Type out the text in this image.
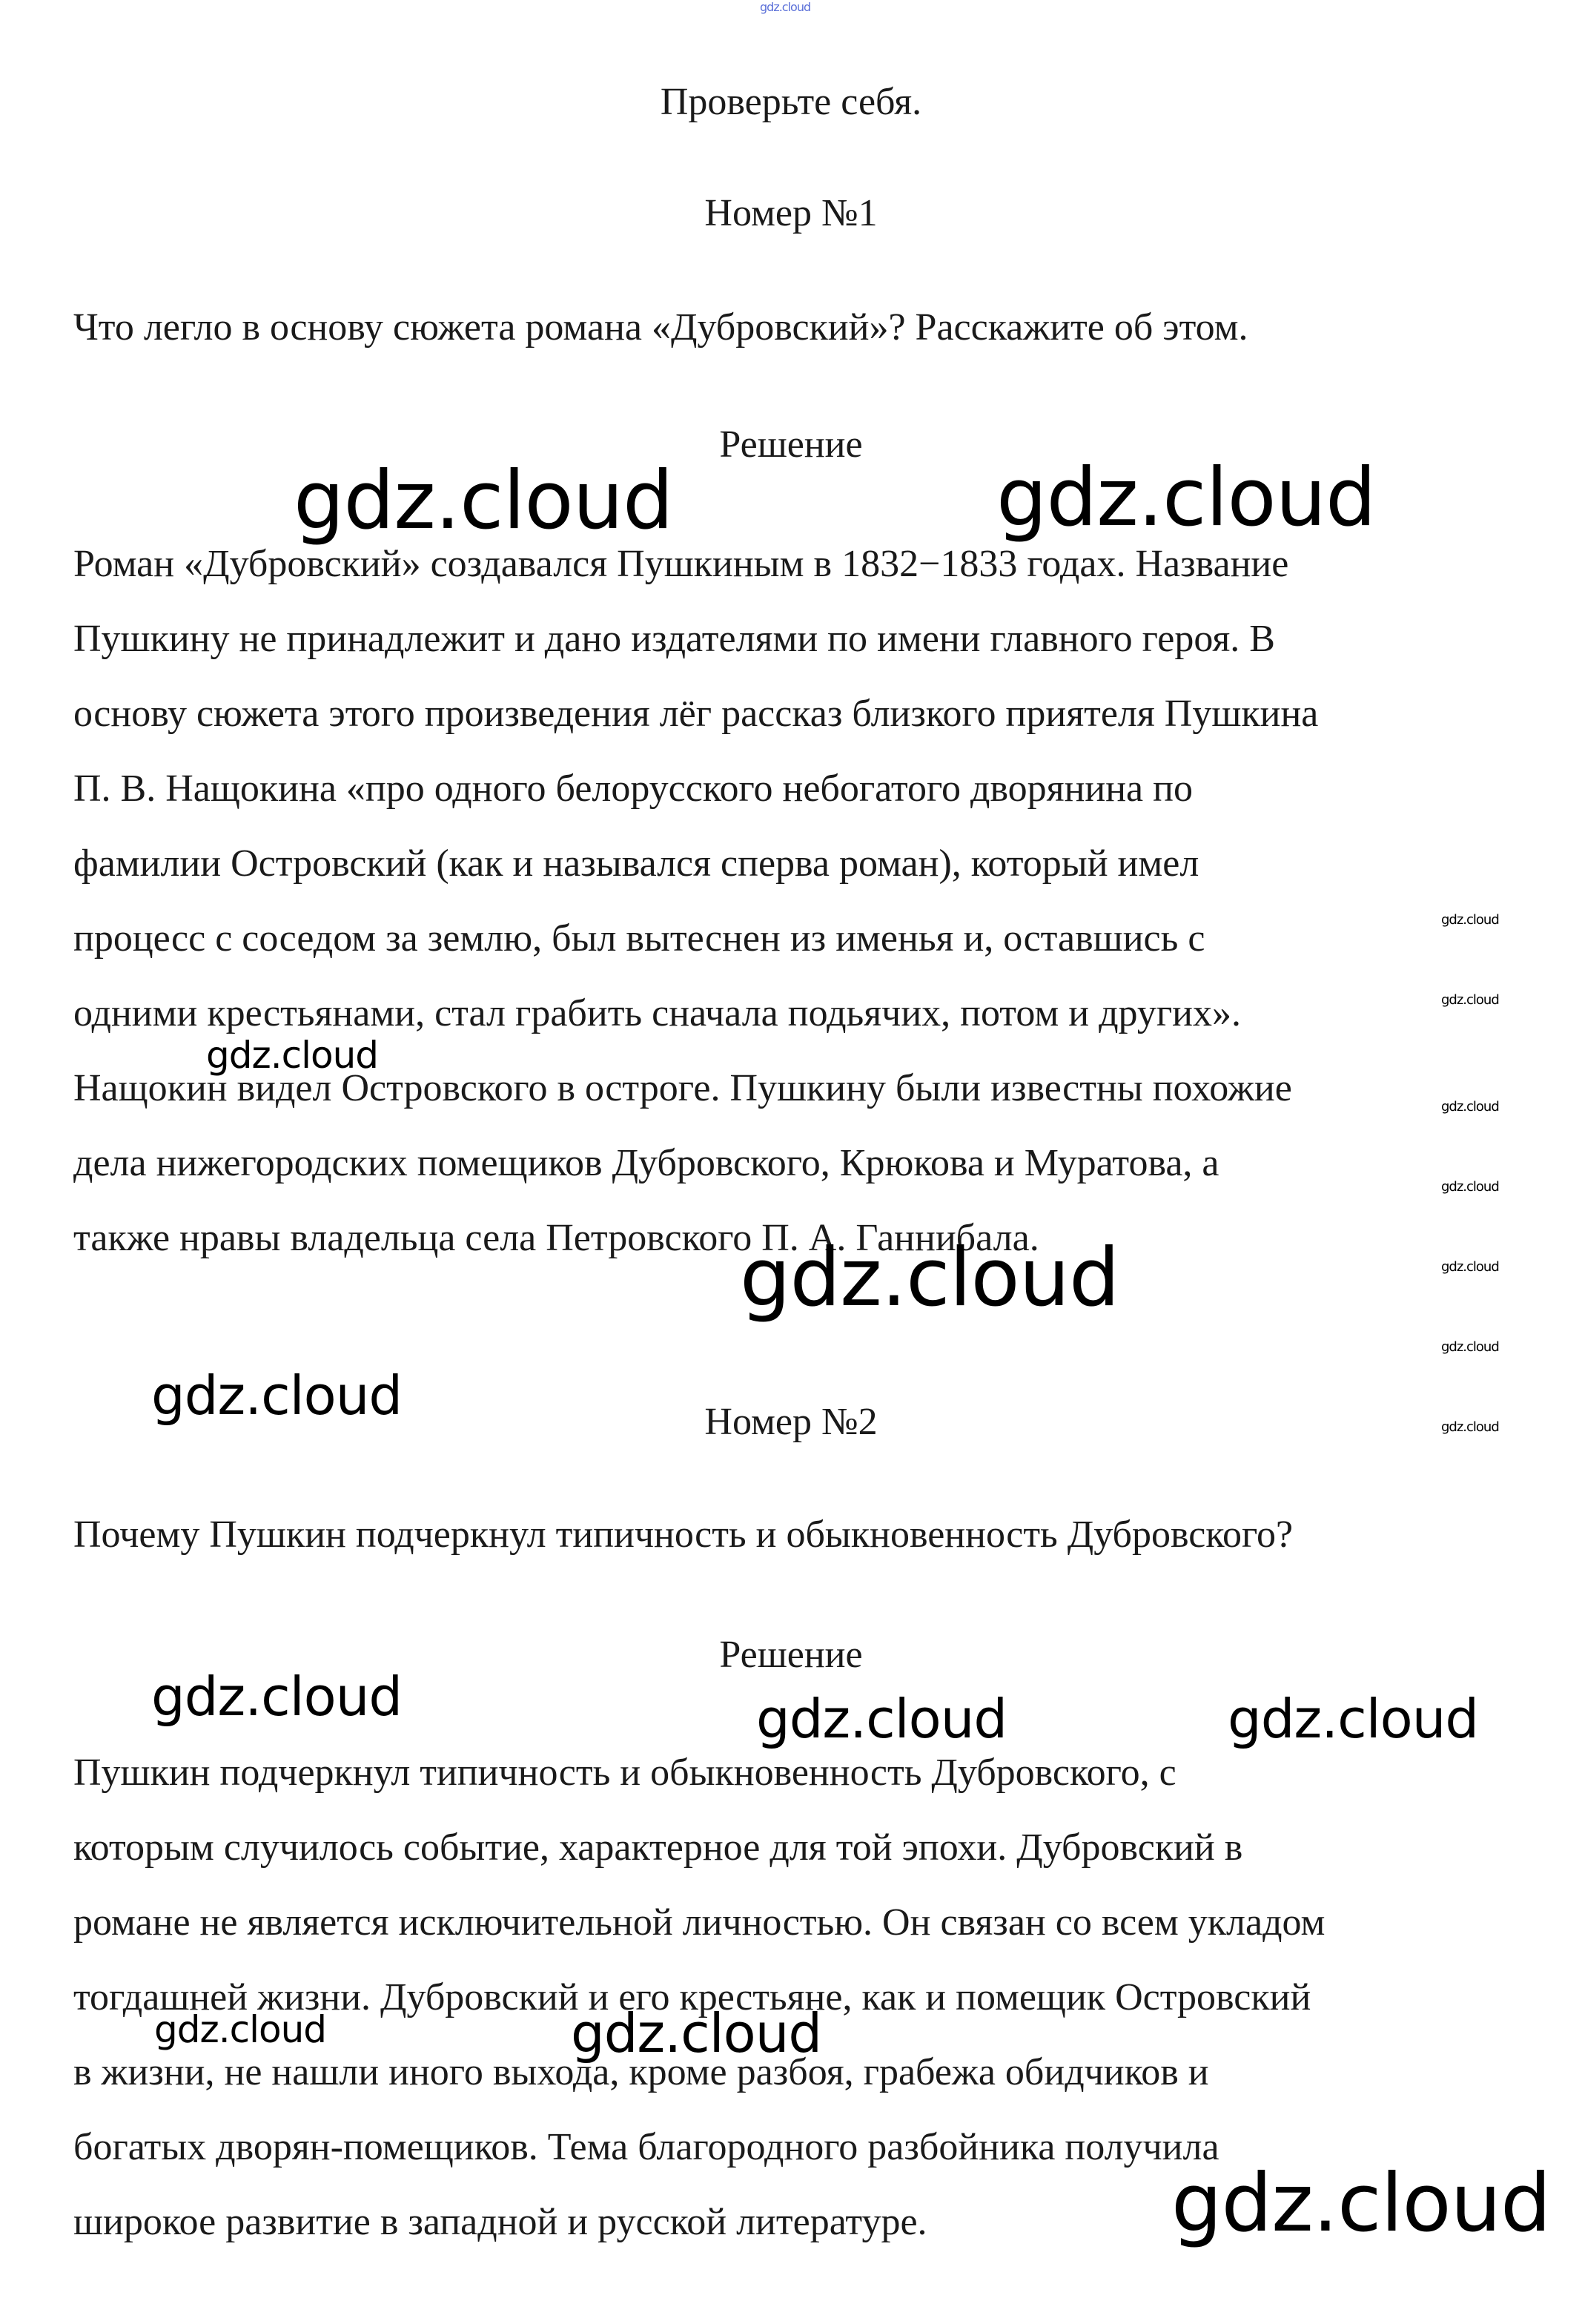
gdz.cloud
Проверьте себя.
Номер №1

Что легло в основу сюжета романа «Дубровский»? Расскажите об этом.

Решение
Роман «Дубровский» создавался Пушкиным в 1832−1833 годах. Название
Пушкину не принадлежит и дано издателями по имени главного героя. В
основу сюжета этого произведения лёг рассказ близкого приятеля Пушкина
П. В. Нащокина «про одного белорусского небогатого дворянина по
фамилии Островский (как и назывался сперва роман), который имел
процесс с соседом за землю, был вытеснен из именья и, оставшись с
одними крестьянами, стал грабить сначала подьячих, потом и других».
Нащокин видел Островского в остроге. Пушкину были известны похожие
дела нижегородских помещиков Дубровского, Крюкова и Муратова, а
также нравы владельца села Петровского П. А. Ганнибала.
Номер №2

Почему Пушкин подчеркнул типичность и обыкновенность Дубровского?

Решение
Пушкин подчеркнул типичность и обыкновенность Дубровского, с
которым случилось событие, характерное для той эпохи. Дубровский в
романе не является исключительной личностью. Он связан со всем укладом
тогдашней жизни. Дубровский и его крестьяне, как и помещик Островский
в жизни, не нашли иного выхода, кроме разбоя, грабежа обидчиков и
богатых дворян-помещиков. Тема благородного разбойника получила
широкое развитие в западной и русской литературе.
gdz.cloud	gdz.cloud
gdz.cloud
gdz.cloud
gdz.cloud
gdz.cloud	gdz.cloud	gdz.cloud
gdz.cloud	gdz.cloud
gdz.cloud
gdz.cloud
gdz.cloud
gdz.cloud
gdz.cloud
gdz.cloud
gdz.cloud
gdz.cloud
